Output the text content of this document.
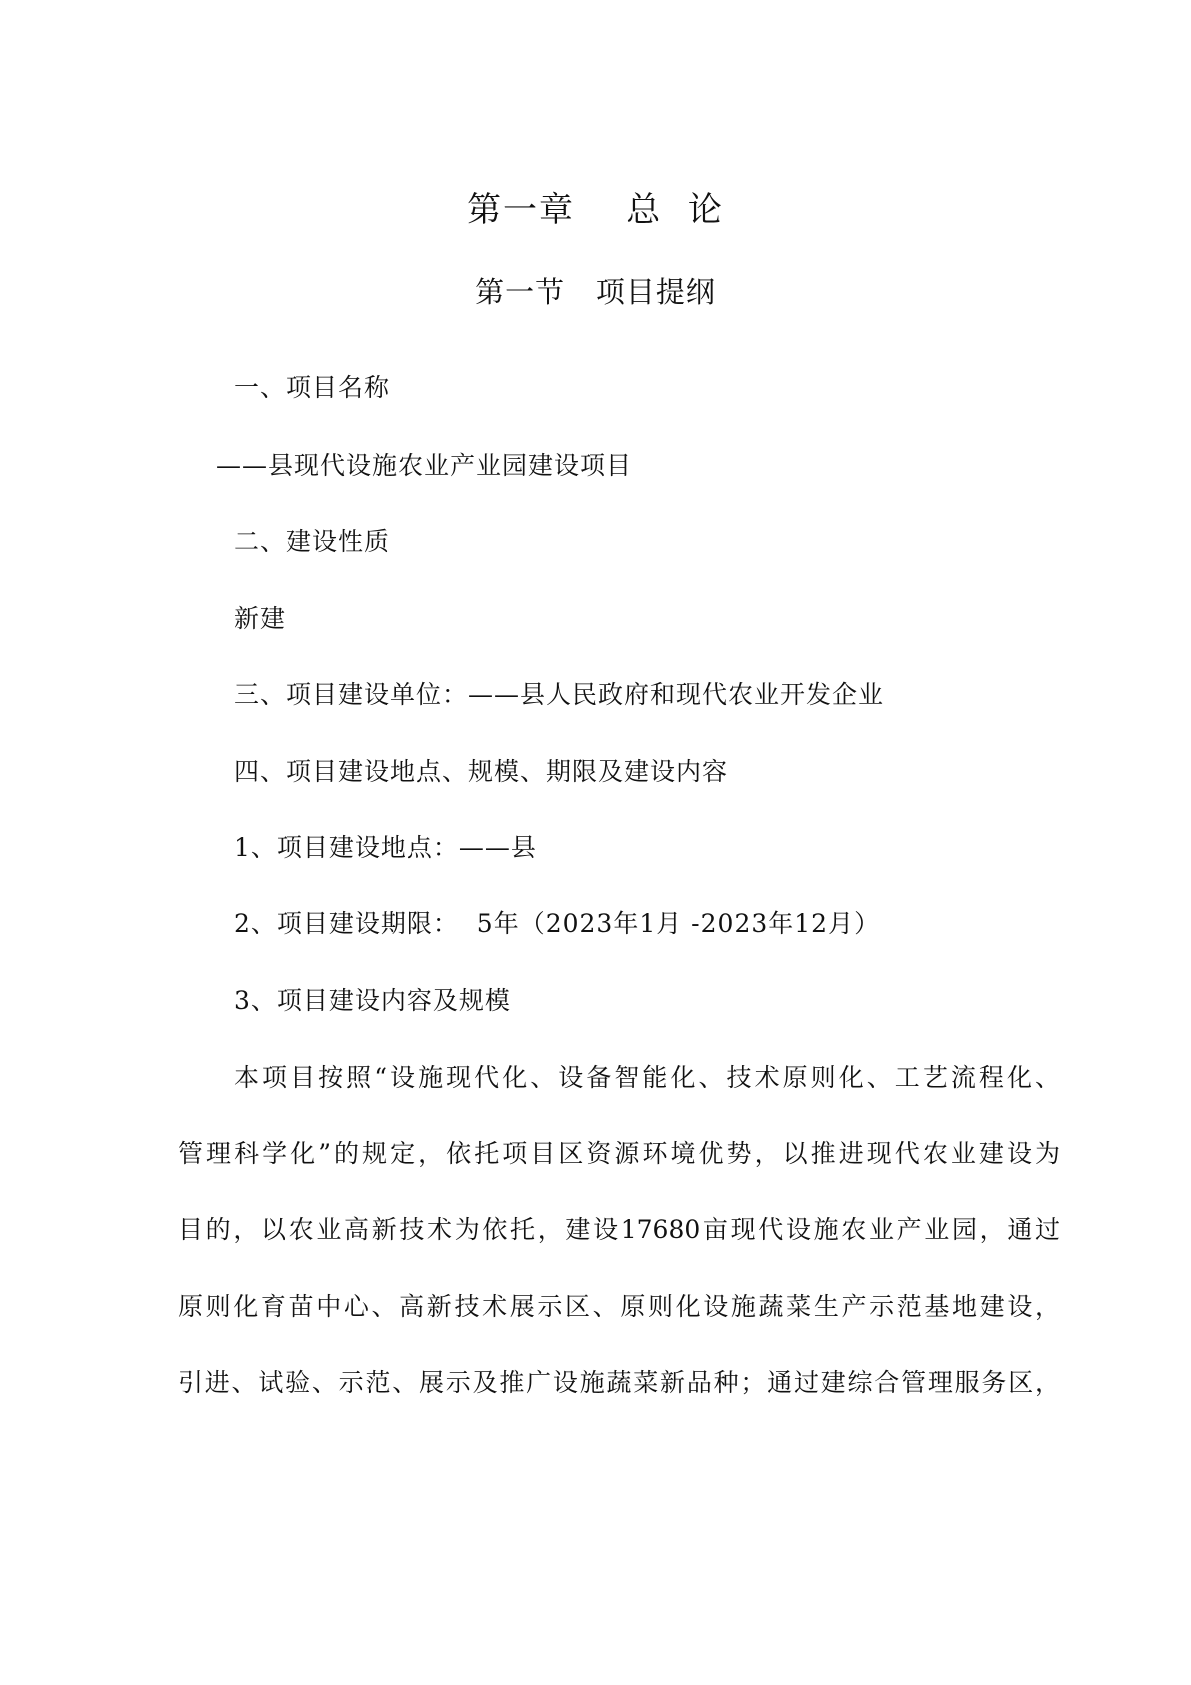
第一章    总  论
第一节   项目提纲
一、项目名称
——县现代设施农业产业园建设项目
二、建设性质
新建
三、项目建设单位：——县人民政府和现代农业开发企业
四、项目建设地点、规模、期限及建设内容
1、项目建设地点：——县
2、项目建设期限：  5年（2023年1月 -2023年12月）
3、项目建设内容及规模
本项目按照“设施现代化、设备智能化、技术原则化、工艺流程化、
管理科学化”的规定，依托项目区资源环境优势，以推进现代农业建设为
目的，以农业高新技术为依托，建设17680亩现代设施农业产业园，通过
原则化育苗中心、高新技术展示区、原则化设施蔬菜生产示范基地建设，
引进、试验、示范、展示及推广设施蔬菜新品种；通过建综合管理服务区，
